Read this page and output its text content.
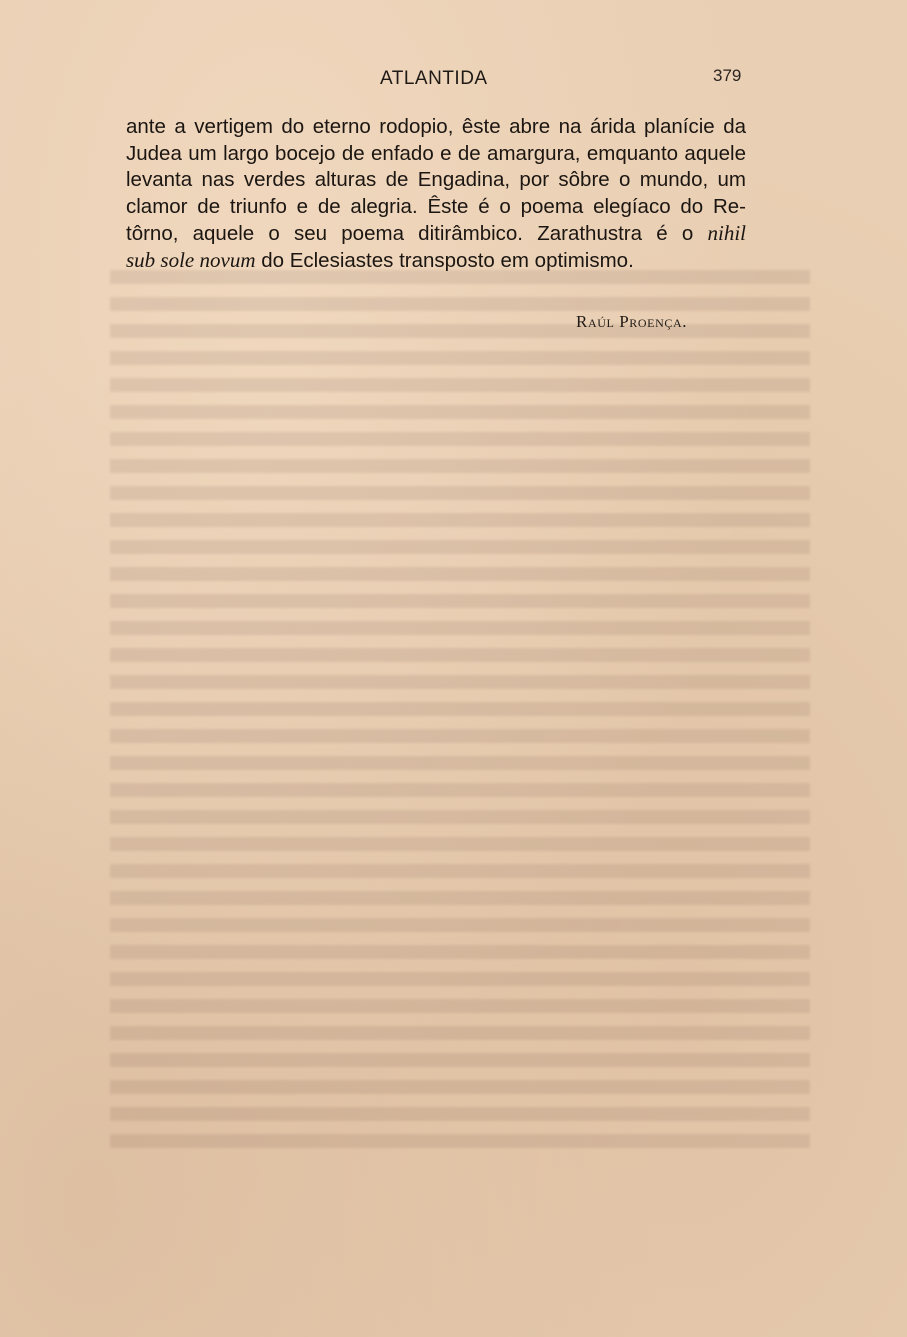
ATLANTIDA	379
ante a vertigem do eterno rodopio, êste abre na árida planície da
Judea um largo bocejo de enfado e de amargura, emquanto aquele
levanta nas verdes alturas de Engadina, por sôbre o mundo, um
clamor de triunfo e de alegria. Êste é o poema elegíaco do Re-
tôrno, aquele o seu poema ditirâmbico. Zarathustra é o nihil
sub sole novum do Eclesiastes transposto em optimismo.
Raúl Proença.
